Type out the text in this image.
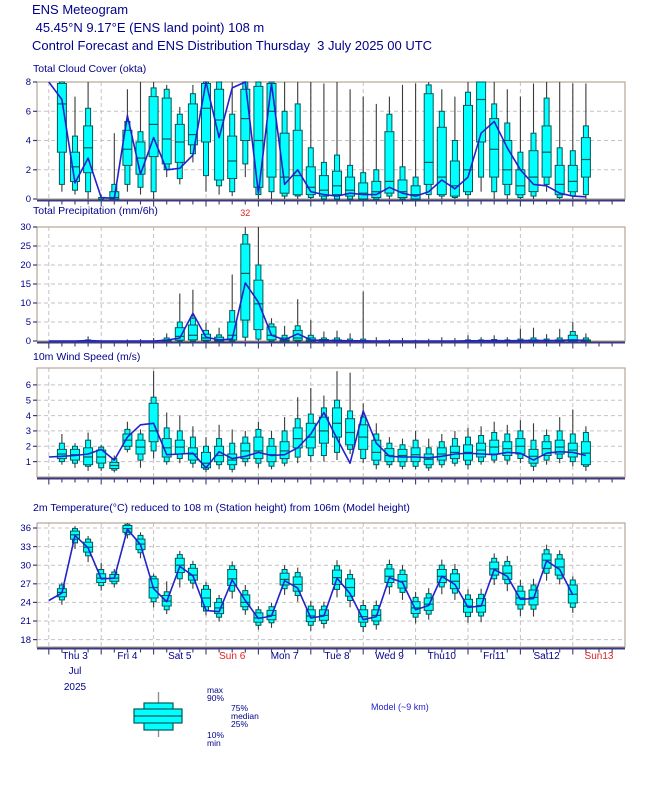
0
2
4
6
8
0
5
10
15
20
25
30
32
1
2
3
4
5
6
18
21
24
27
30
33
36
Thu 3	Fri 4	Sat 5	Sun 6	Mon 7	Tue 8	Wed 9 Thu10	Fri11	Sat12 Sun13
ENS Meteogram
45.45°N 9.17°E (ENS land point) 108 m
Control Forecast and ENS Distribution Thursday  3 July 2025 00 UTC
Total Cloud Cover (okta)
Total Precipitation (mm/6h)
10m Wind Speed (m/s)
2m Temperature(°C) reduced to 108 m (Station height) from 106m (Model height)
Jul
2025	max
90%
75%
median
25%
10%
min
Model (~9 km)
